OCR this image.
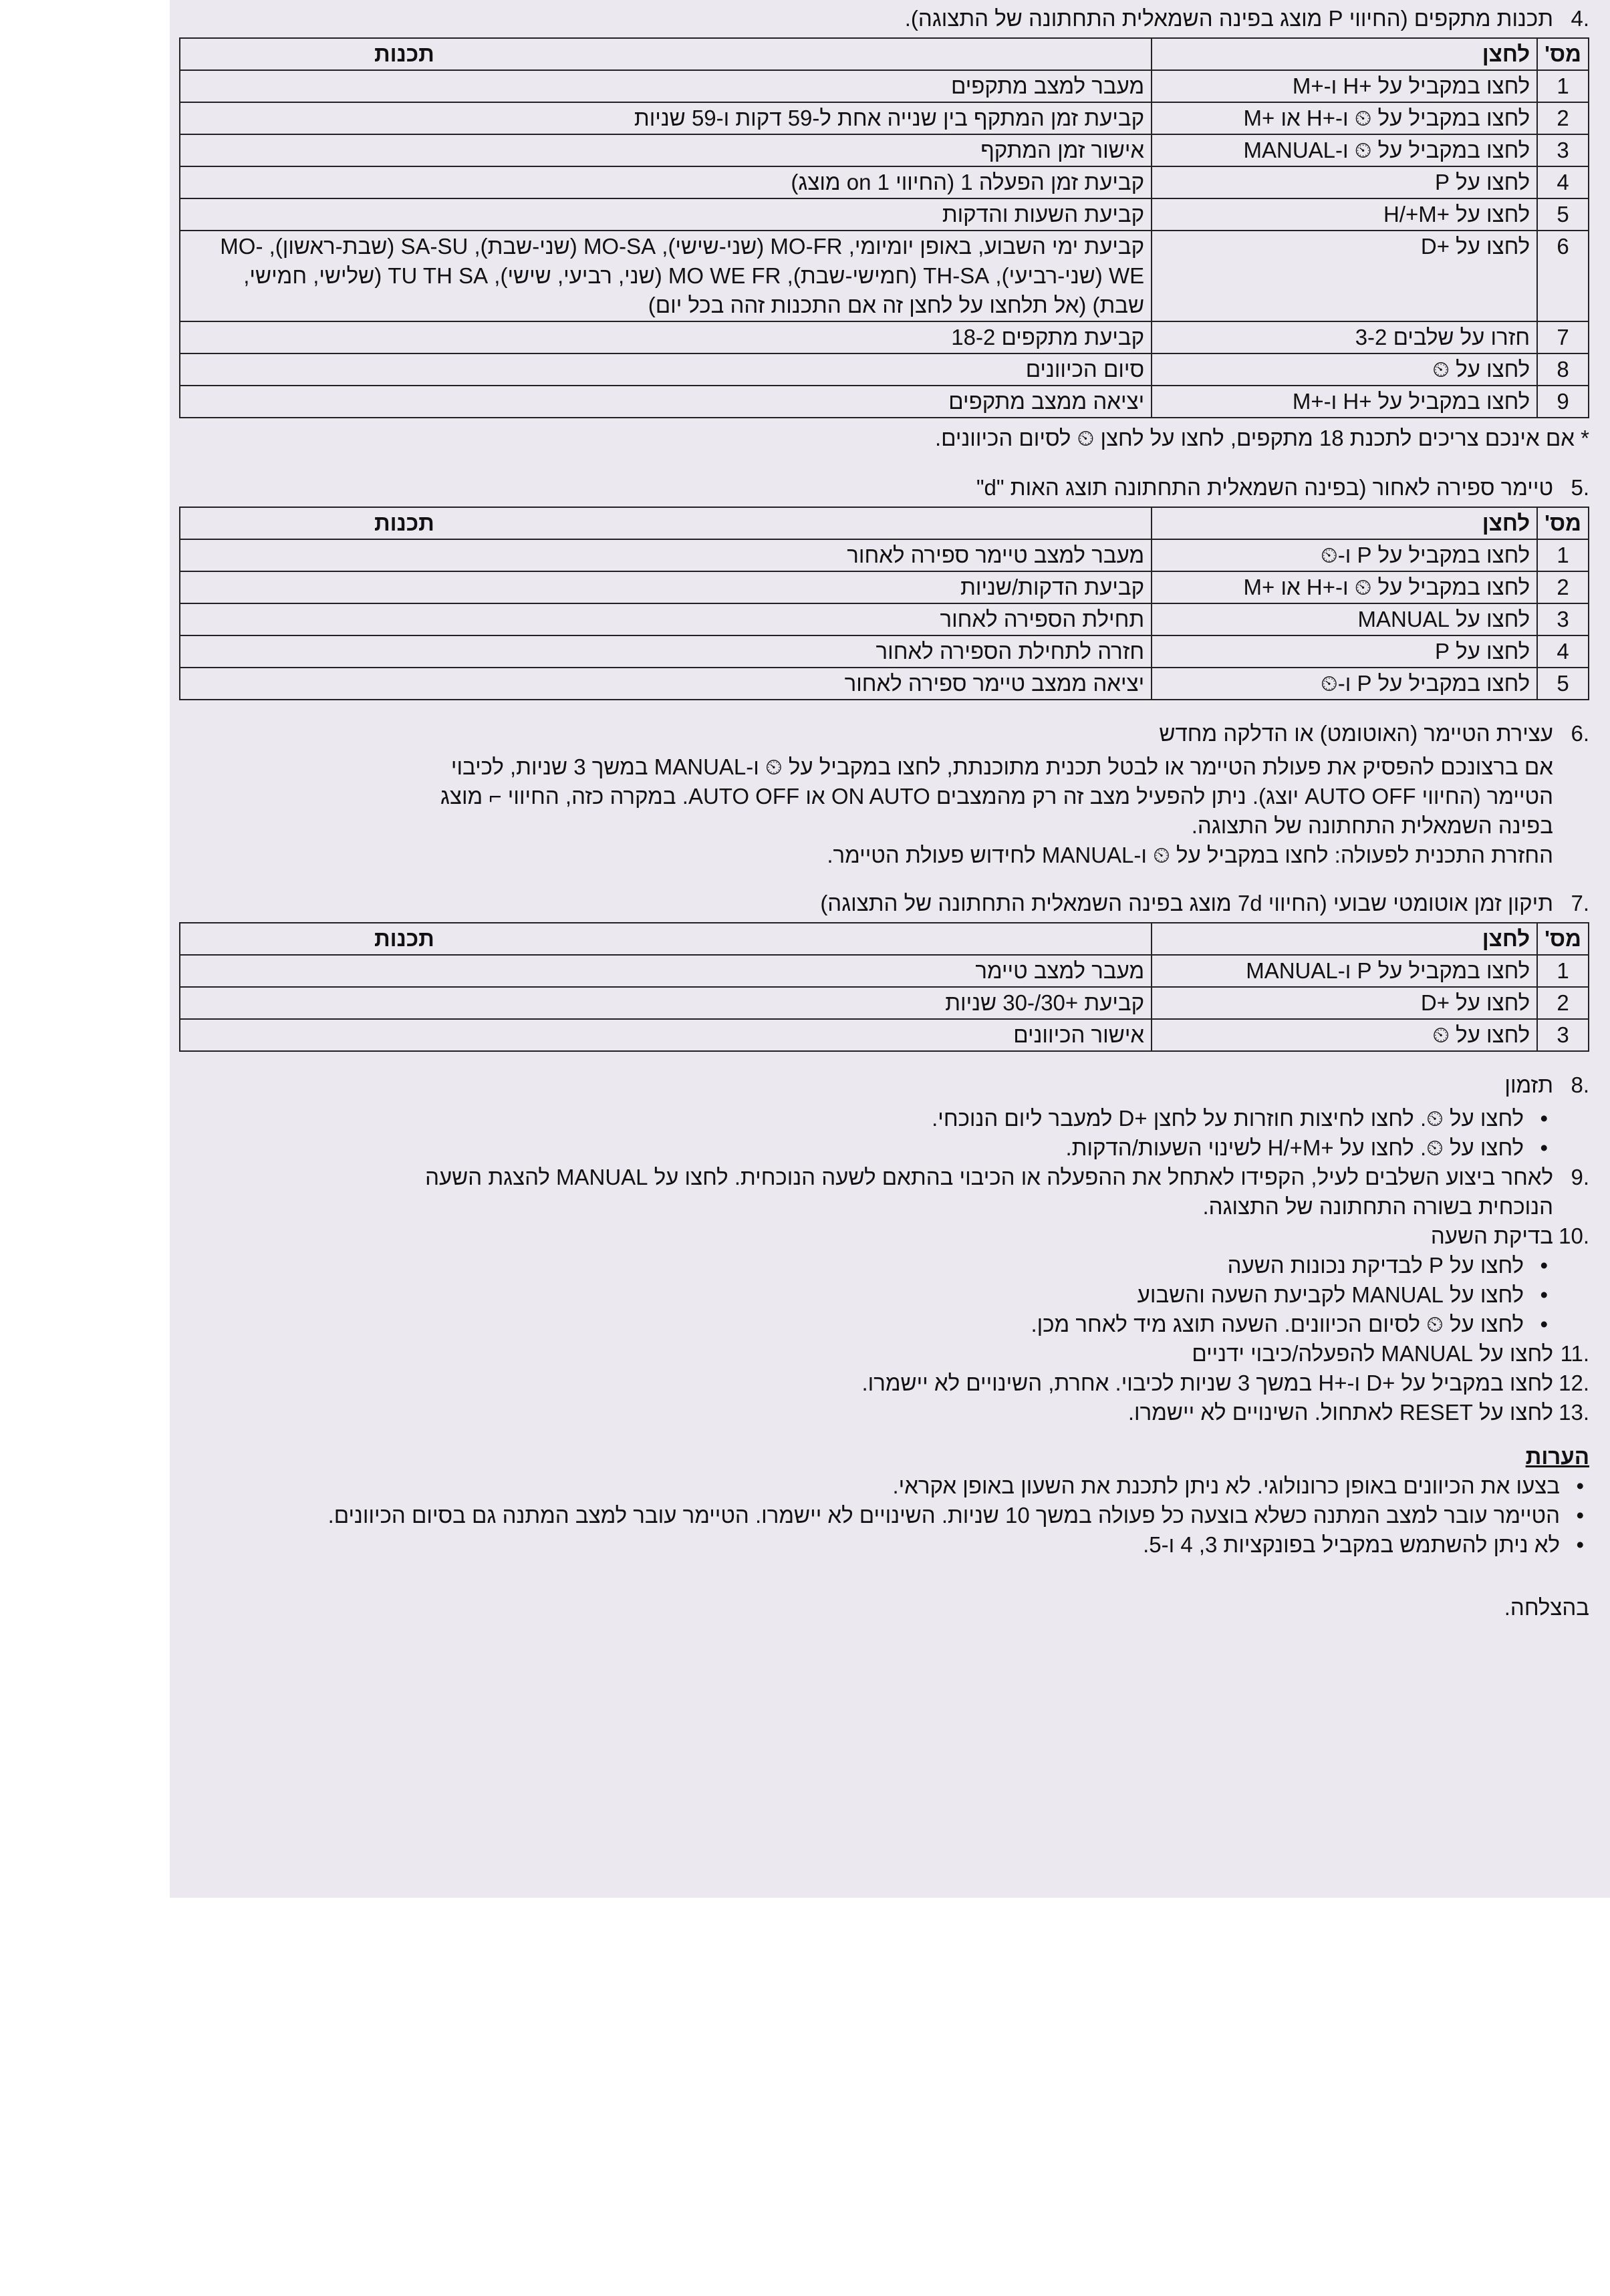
.4
תכנות מתקפים (החיווי P מוצג בפינה השמאלית התחתונה של התצוגה).
מס'	לחצן	תכנות
1	לחצו במקביל על +H ו-+M	מעבר למצב מתקפים
2	לחצו במקביל על ⏲ ו-+H או +M	קביעת זמן המתקף בין שנייה אחת ל-59 דקות ו-59 שניות
3	לחצו במקביל על ⏲ ו-MANUAL	אישור זמן המתקף
4	לחצו על P	קביעת זמן הפעלה 1 (החיווי 1 on מוצג)
5	לחצו על +H/+M	קביעת השעות והדקות
6	לחצו על +D	קביעת ימי השבוע, באופן יומיומי, MO-FR (שני-שישי), MO-SA (שני-שבת), SA-SU (שבת-ראשון), MO-WE (שני-רביעי), TH-SA (חמישי-שבת), MO WE FR (שני, רביעי, שישי), TU TH SA (שלישי, חמישי, שבת) (אל תלחצו על לחצן זה אם התכנות זהה בכל יום)
7	חזרו על שלבים 3-2	קביעת מתקפים 18-2
8	לחצו על ⏲	סיום הכיוונים
9	לחצו במקביל על +H ו-+M	יציאה ממצב מתקפים
* אם אינכם צריכים לתכנת 18 מתקפים, לחצו על לחצן ⏲ לסיום הכיוונים.
.5
טיימר ספירה לאחור (בפינה השמאלית התחתונה תוצג האות "d"
מס'	לחצן	תכנות
1	לחצו במקביל על P ו-⏲	מעבר למצב טיימר ספירה לאחור
2	לחצו במקביל על ⏲ ו-+H או +M	קביעת הדקות/שניות
3	לחצו על MANUAL	תחילת הספירה לאחור
4	לחצו על P	חזרה לתחילת הספירה לאחור
5	לחצו במקביל על P ו-⏲	יציאה ממצב טיימר ספירה לאחור
.6
עצירת הטיימר (האוטומט) או הדלקה מחדש
אם ברצונכם להפסיק את פעולת הטיימר או לבטל תכנית מתוכנתת, לחצו במקביל על ⏲ ו-MANUAL במשך 3 שניות, לכיבוי
הטיימר (החיווי AUTO OFF יוצג). ניתן להפעיל מצב זה רק מהמצבים ON AUTO או AUTO OFF. במקרה כזה, החיווי ⌐ מוצג
בפינה השמאלית התחתונה של התצוגה.
החזרת התכנית לפעולה: לחצו במקביל על ⏲ ו-MANUAL לחידוש פעולת הטיימר.
.7
תיקון זמן אוטומטי שבועי (החיווי 7d מוצג בפינה השמאלית התחתונה של התצוגה)
מס'	לחצן	תכנות
1	לחצו במקביל על P ו-MANUAL	מעבר למצב טיימר
2	לחצו על +D	קביעת +30/-30 שניות
3	לחצו על ⏲	אישור הכיוונים
.8
תזמון
• לחצו על ⏲. לחצו לחיצות חוזרות על לחצן +D למעבר ליום הנוכחי.
• לחצו על ⏲. לחצו על +H/+M לשינוי השעות/הדקות.
.9
לאחר ביצוע השלבים לעיל, הקפידו לאתחל את ההפעלה או הכיבוי בהתאם לשעה הנוכחית. לחצו על MANUAL להצגת השעה
הנוכחית בשורה התחתונה של התצוגה.
.10
בדיקת השעה
• לחצו על P לבדיקת נכונות השעה
• לחצו על MANUAL לקביעת השעה והשבוע
• לחצו על ⏲ לסיום הכיוונים. השעה תוצג מיד לאחר מכן.
.11
לחצו על MANUAL להפעלה/כיבוי ידניים
.12
לחצו במקביל על +D ו-+H במשך 3 שניות לכיבוי. אחרת, השינויים לא יישמרו.
.13
לחצו על RESET לאתחול. השינויים לא יישמרו.
הערות
• בצעו את הכיוונים באופן כרונולוגי. לא ניתן לתכנת את השעון באופן אקראי.
• הטיימר עובר למצב המתנה כשלא בוצעה כל פעולה במשך 10 שניות. השינויים לא יישמרו. הטיימר עובר למצב המתנה גם בסיום הכיוונים.
• לא ניתן להשתמש במקביל בפונקציות 3, 4 ו-5.
בהצלחה.
